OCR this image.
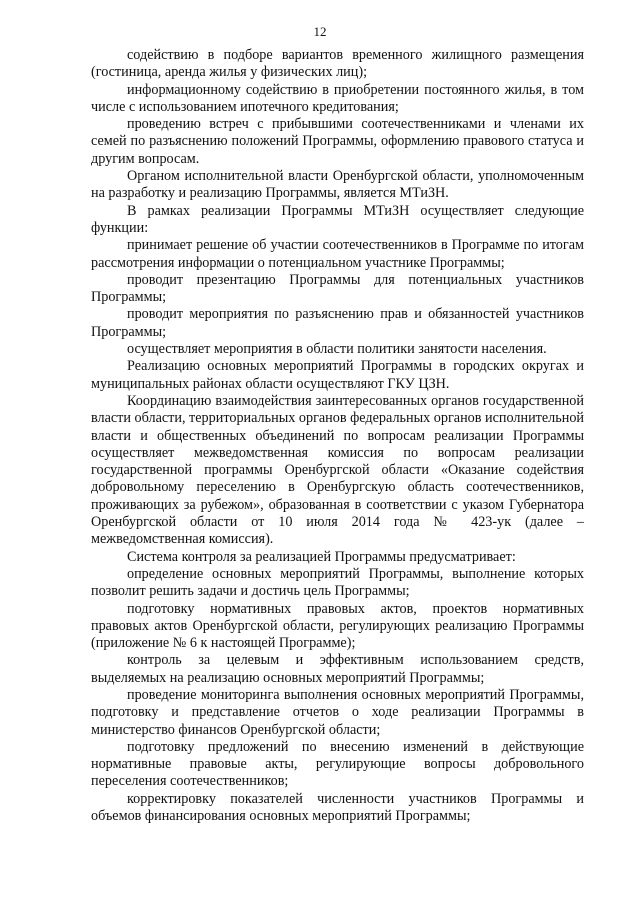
12

содействию в подборе вариантов временного жилищного размещения (гостиница, аренда жилья у физических лиц);

информационному содействию в приобретении постоянного жилья, в том числе с использованием ипотечного кредитования;

проведению встреч с прибывшими соотечественниками и членами их семей по разъяснению положений Программы, оформлению правового статуса и другим вопросам.

Органом исполнительной власти Оренбургской области, уполномоченным на разработку и реализацию Программы, является МТиЗН.

В рамках реализации Программы МТиЗН осуществляет следующие функции:

принимает решение об участии соотечественников в Программе по итогам рассмотрения информации о потенциальном участнике Программы;

проводит презентацию Программы для потенциальных участников Программы;

проводит мероприятия по разъяснению прав и обязанностей участников Программы;

осуществляет мероприятия в области политики занятости населения.

Реализацию основных мероприятий Программы в городских округах и муниципальных районах области осуществляют ГКУ ЦЗН.

Координацию взаимодействия заинтересованных органов государственной власти области, территориальных органов федеральных органов исполнительной власти и общественных объединений по вопросам реализации Программы осуществляет межведомственная комиссия по вопросам реализации государственной программы Оренбургской области «Оказание содействия добровольному переселению в Оренбургскую область соотечественников, проживающих за рубежом», образованная в соответствии с указом Губернатора Оренбургской области от 10 июля 2014 года № 423-ук (далее – межведомственная комиссия).

Система контроля за реализацией Программы предусматривает:

определение основных мероприятий Программы, выполнение которых позволит решить задачи и достичь цель Программы;

подготовку нормативных правовых актов, проектов нормативных правовых актов Оренбургской области, регулирующих реализацию Программы (приложение № 6 к настоящей Программе);

контроль за целевым и эффективным использованием средств, выделяемых на реализацию основных мероприятий Программы;

проведение мониторинга выполнения основных мероприятий Программы, подготовку и представление отчетов о ходе реализации Программы в министерство финансов Оренбургской области;

подготовку предложений по внесению изменений в действующие нормативные правовые акты, регулирующие вопросы добровольного переселения соотечественников;

корректировку показателей численности участников Программы и объемов финансирования основных мероприятий Программы;
